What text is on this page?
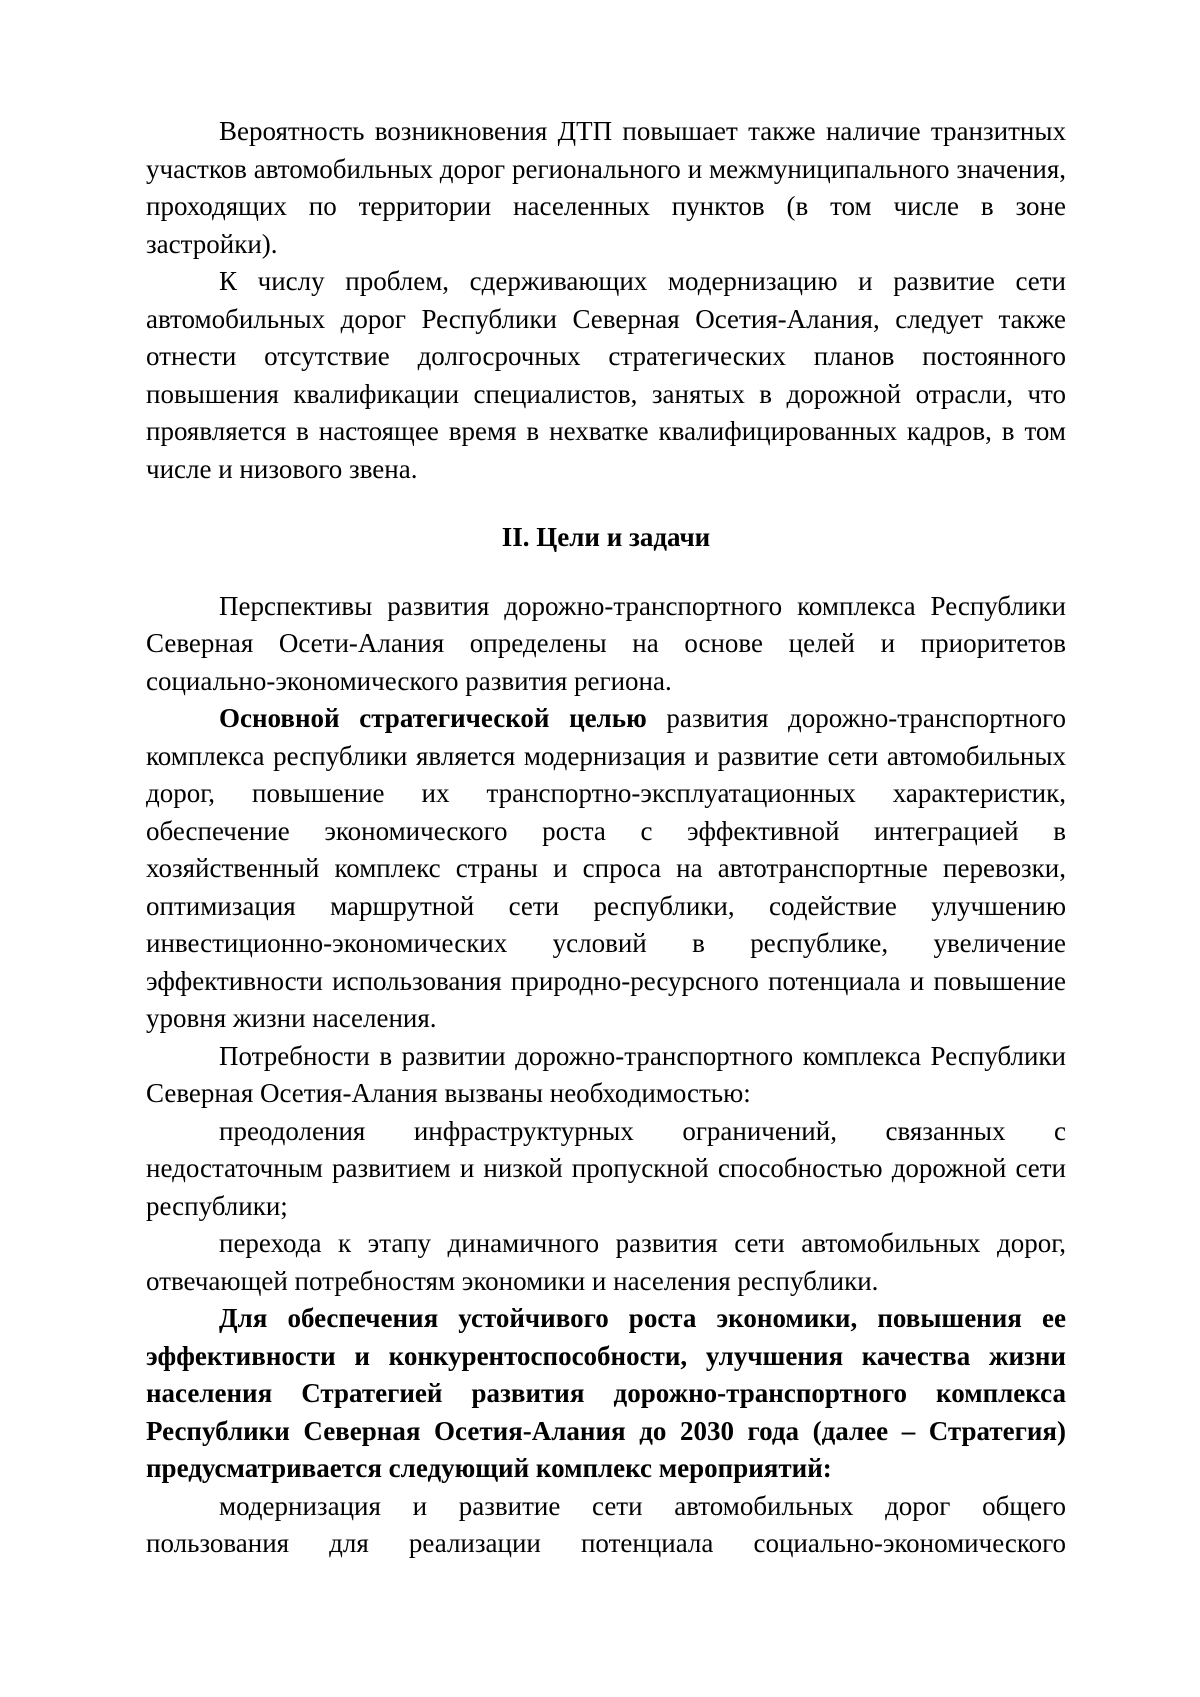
Вероятность возникновения ДТП повышает также наличие транзитных участков автомобильных дорог регионального и межмуниципального значения, проходящих по территории населенных пунктов (в том числе в зоне застройки).

К числу проблем, сдерживающих модернизацию и развитие сети автомобильных дорог Республики Северная Осетия-Алания, следует также отнести отсутствие долгосрочных стратегических планов постоянного повышения квалификации специалистов, занятых в дорожной отрасли, что проявляется в настоящее время в нехватке квалифицированных кадров, в том числе и низового звена.

II. Цели и задачи

Перспективы развития дорожно-транспортного комплекса Республики Северная Осети-Алания определены на основе целей и приоритетов социально-экономического развития региона.

Основной стратегической целью развития дорожно-транспортного комплекса республики является модернизация и развитие сети автомобильных дорог, повышение их транспортно-эксплуатационных характеристик, обеспечение экономического роста с эффективной интеграцией в хозяйственный комплекс страны и спроса на автотранспортные перевозки, оптимизация маршрутной сети республики, содействие улучшению инвестиционно-экономических условий в республике, увеличение эффективности использования природно-ресурсного потенциала и повышение уровня жизни населения.

Потребности в развитии дорожно-транспортного комплекса Республики Северная Осетия-Алания вызваны необходимостью:

преодоления инфраструктурных ограничений, связанных с недостаточным развитием и низкой пропускной способностью дорожной сети республики;

перехода к этапу динамичного развития сети автомобильных дорог, отвечающей потребностям экономики и населения республики.

Для обеспечения устойчивого роста экономики, повышения ее эффективности и конкурентоспособности, улучшения качества жизни населения Стратегией развития дорожно-транспортного комплекса Республики Северная Осетия-Алания до 2030 года (далее – Стратегия) предусматривается следующий комплекс мероприятий:

модернизация и развитие сети автомобильных дорог общего пользования для реализации потенциала социально-экономического
